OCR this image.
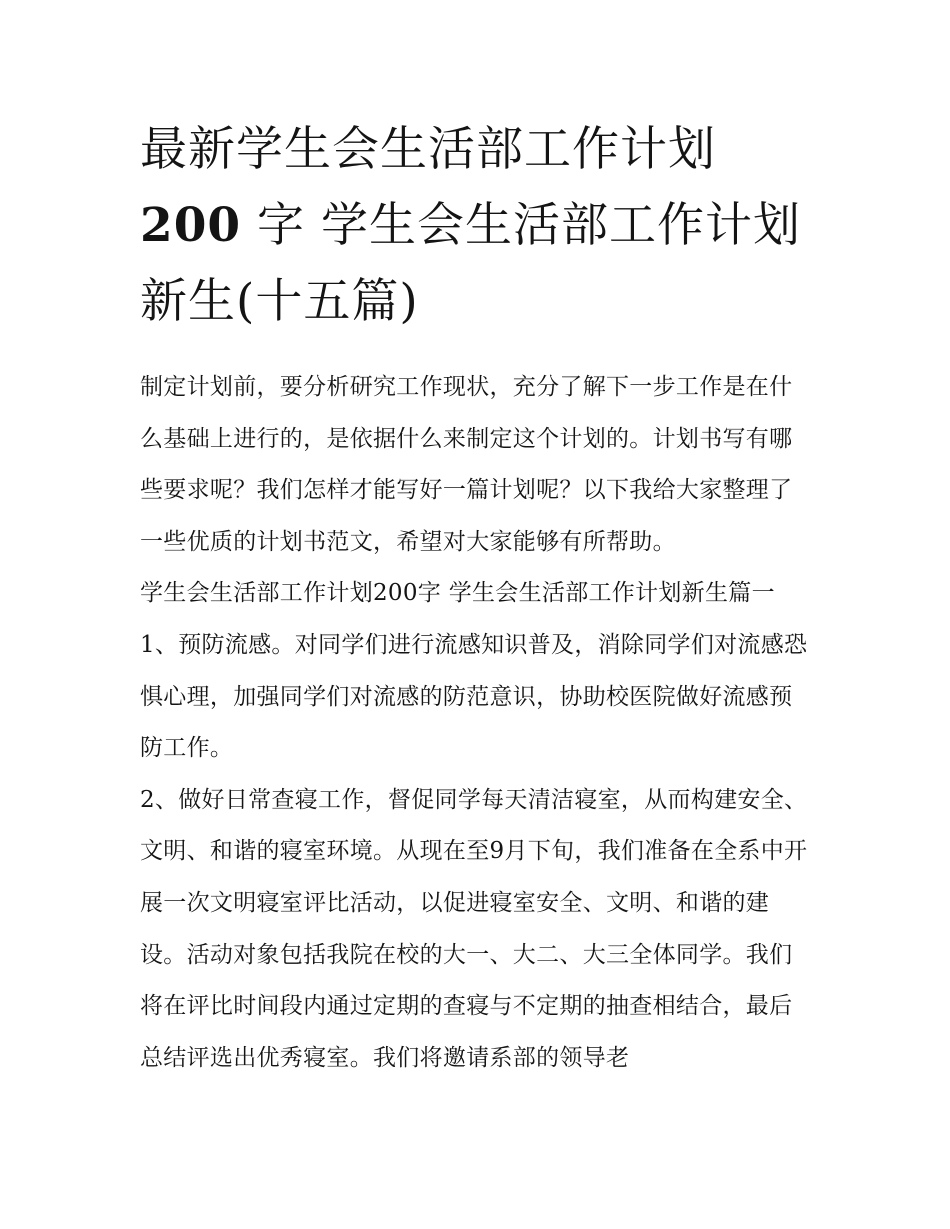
最新学生会生活部工作计划
200 字 学生会生活部工作计划
新生(十五篇)

制定计划前，要分析研究工作现状，充分了解下一步工作是在什么基础上进行的，是依据什么来制定这个计划的。计划书写有哪些要求呢？我们怎样才能写好一篇计划呢？以下我给大家整理了一些优质的计划书范文，希望对大家能够有所帮助。

学生会生活部工作计划200字 学生会生活部工作计划新生篇一

1、预防流感。对同学们进行流感知识普及，消除同学们对流感恐惧心理，加强同学们对流感的防范意识，协助校医院做好流感预防工作。

2、做好日常查寝工作，督促同学每天清洁寝室，从而构建安全、文明、和谐的寝室环境。从现在至9月下旬，我们准备在全系中开展一次文明寝室评比活动，以促进寝室安全、文明、和谐的建设。活动对象包括我院在校的大一、大二、大三全体同学。我们将在评比时间段内通过定期的查寝与不定期的抽查相结合，最后总结评选出优秀寝室。我们将邀请系部的领导老
